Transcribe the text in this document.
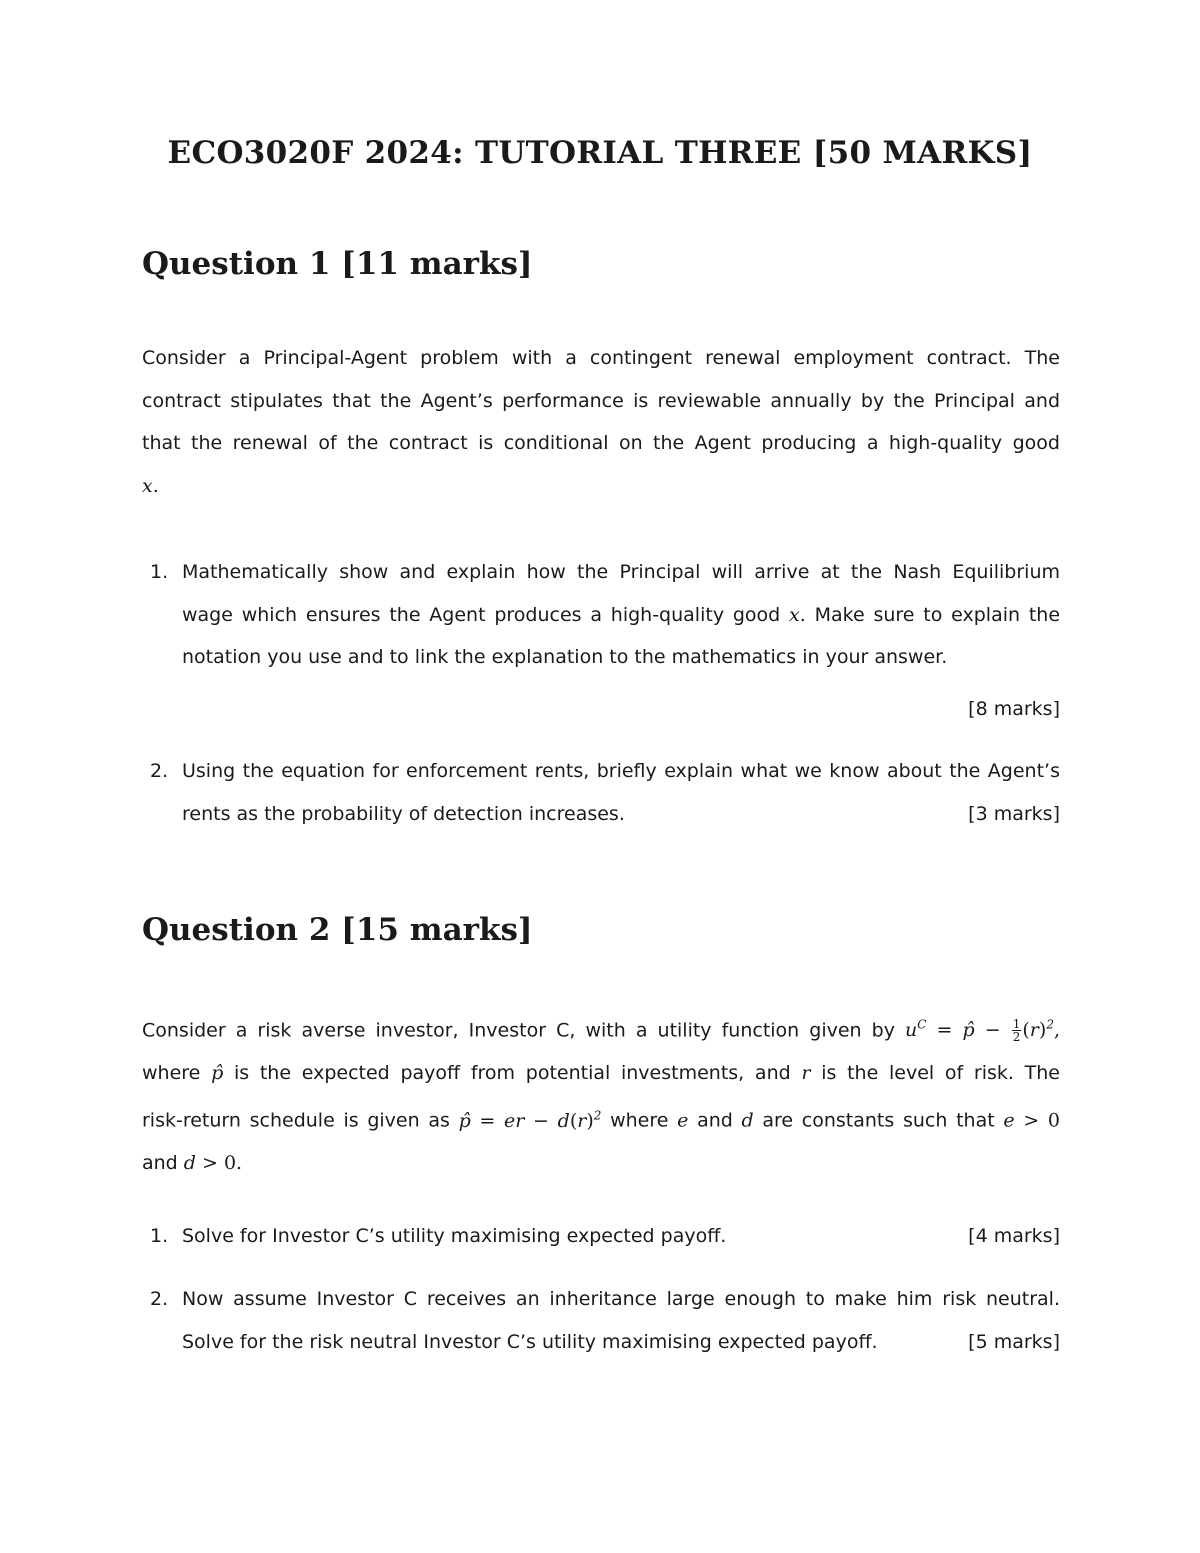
ECO3020F 2024: TUTORIAL THREE [50 MARKS]
Question 1 [11 marks]
Consider a Principal-Agent problem with a contingent renewal employment contract. The
contract stipulates that the Agent’s performance is reviewable annually by the Principal and
that the renewal of the contract is conditional on the Agent producing a high-quality good
x.
1. Mathematically show and explain how the Principal will arrive at the Nash Equilibrium

wage which ensures the Agent produces a high-quality good x. Make sure to explain the

notation you use and to link the explanation to the mathematics in your answer.

[8 marks]

2. Using the equation for enforcement rents, briefly explain what we know about the Agent’s

rents as the probability of detection increases.	[3 marks]

Question 2 [15 marks]
Consider a risk averse investor, Investor C, with a utility function given by $u^C$ = p̂ − $\frac{1}{2} (r)^2$,
where p̂ is the expected payoff from potential investments, and r is the level of risk. The
risk-return schedule is given as p̂ = er − $d(r)^2$ where e and d are constants such that e > 0
and d > 0.
1. Solve for Investor C’s utility maximising expected payoff.	[4 marks]

2. Now assume Investor C receives an inheritance large enough to make him risk neutral.

Solve for the risk neutral Investor C’s utility maximising expected payoff.	[5 marks]
